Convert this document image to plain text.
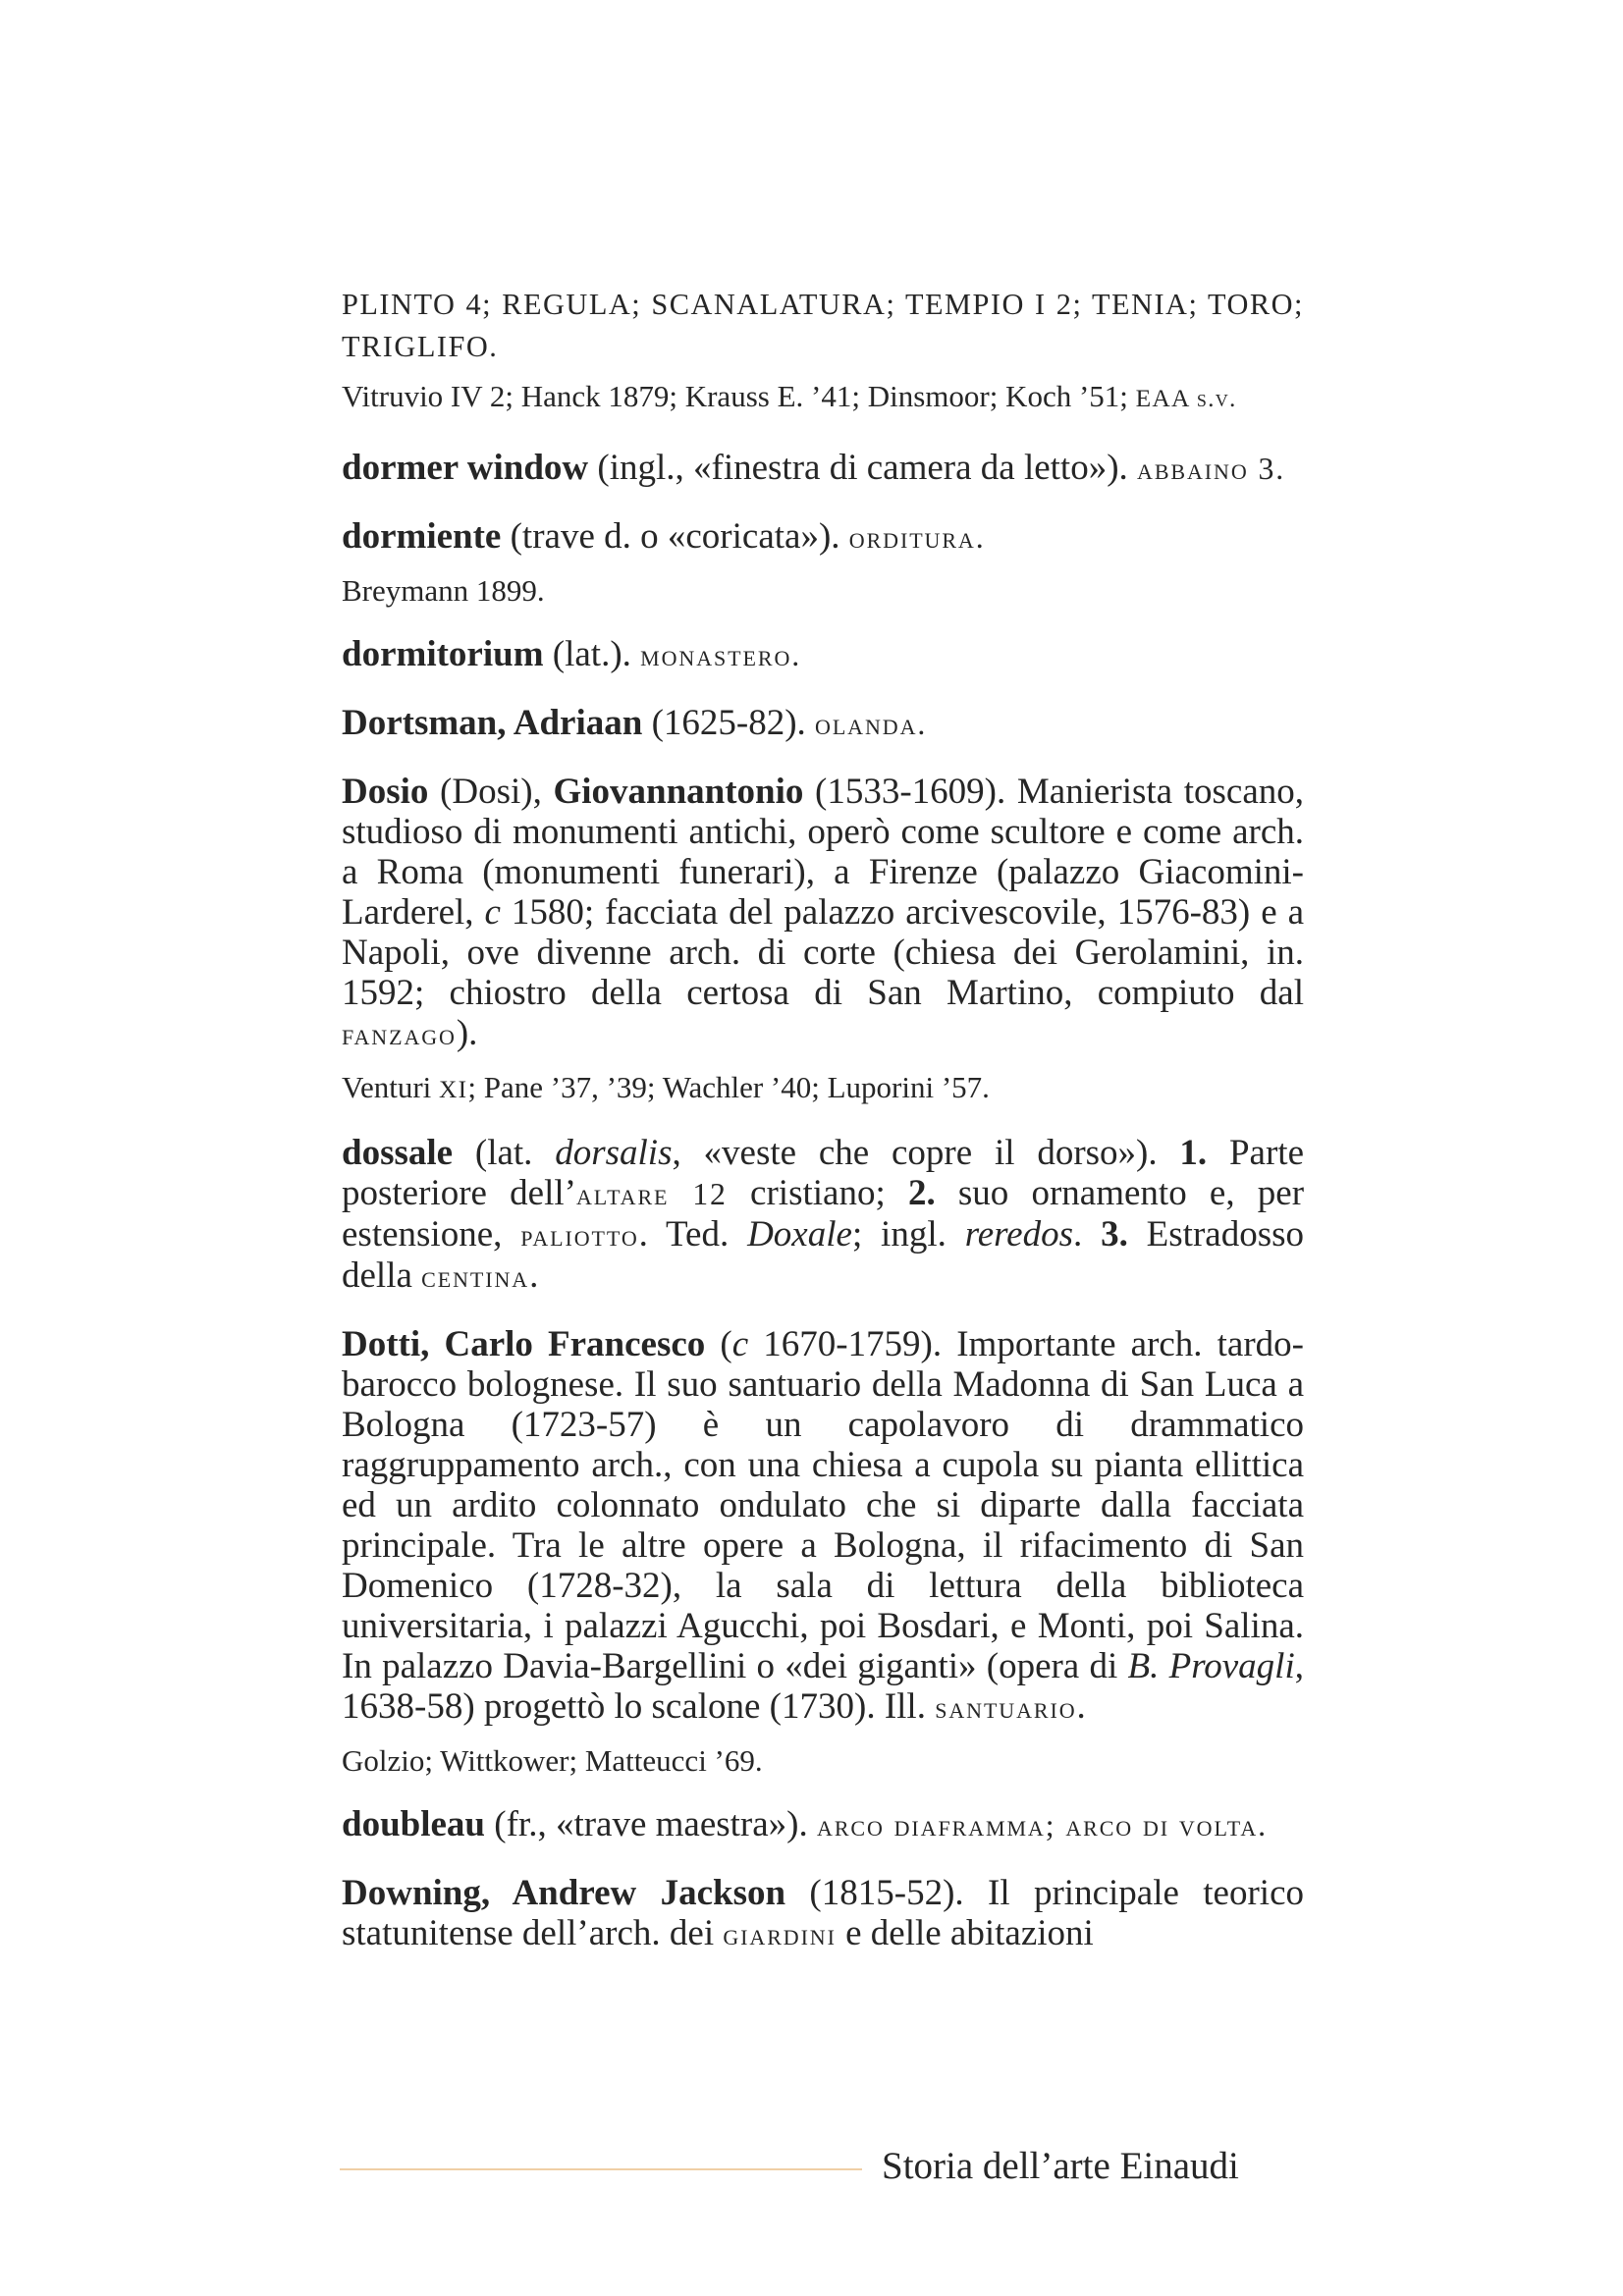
PLINTO 4; REGULA; SCANALATURA; TEMPIO I 2; TENIA; TORO; TRIGLIFO.

Vitruvio IV 2; Hanck 1879; Krauss E. ’41; Dinsmoor; Koch ’51; EAA s.v.

dormer window (ingl., «finestra di camera da letto»). abbaino 3.

dormiente (trave d. o «coricata»). orditura.

Breymann 1899.

dormitorium (lat.). monastero.

Dortsman, Adriaan (1625-82). olanda.

Dosio (Dosi), Giovannantonio (1533-1609). Manierista toscano, studioso di monumenti antichi, operò come scultore e come arch. a Roma (monumenti funerari), a Firenze (palazzo Giacomini-Larderel, c 1580; facciata del palazzo arcivescovile, 1576-83) e a Napoli, ove divenne arch. di corte (chiesa dei Gerolamini, in. 1592; chiostro della certosa di San Martino, compiuto dal fanzago).

Venturi XI; Pane ’37, ’39; Wachler ’40; Luporini ’57.

dossale (lat. dorsalis, «veste che copre il dorso»). 1. Parte posteriore dell’altare 12 cristiano; 2. suo ornamento e, per estensione, paliotto. Ted. Doxale; ingl. reredos. 3. Estradosso della centina.

Dotti, Carlo Francesco (c 1670-1759). Importante arch. tardo-barocco bolognese. Il suo santuario della Madonna di San Luca a Bologna (1723-57) è un capolavoro di drammatico raggruppamento arch., con una chiesa a cupola su pianta ellittica ed un ardito colonnato ondulato che si diparte dalla facciata principale. Tra le altre opere a Bologna, il rifacimento di San Domenico (1728-32), la sala di lettura della biblioteca universitaria, i palazzi Agucchi, poi Bosdari, e Monti, poi Salina. In palazzo Davia-Bargellini o «dei giganti» (opera di B. Provagli, 1638-58) progettò lo scalone (1730). Ill. santuario.

Golzio; Wittkower; Matteucci ’69.

doubleau (fr., «trave maestra»). arco diaframma; arco di volta.

Downing, Andrew Jackson (1815-52). Il principale teorico statunitense dell’arch. dei giardini e delle abitazioni

Storia dell’arte Einaudi
